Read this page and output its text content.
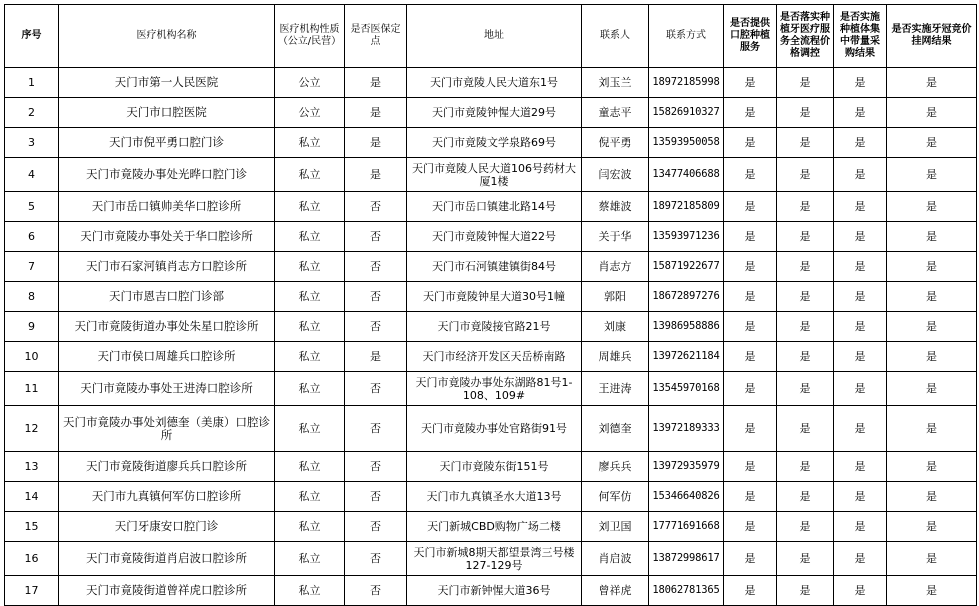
序号	医疗机构名称	医疗机构性质（公立/民营）	是否医保定点	地址	联系人	联系方式	是否提供口腔种植服务	是否落实种植牙医疗服务全流程价格调控	是否实施种植体集中带量采购结果	是否实施牙冠竞价挂网结果
1	天门市第一人民医院	公立	是	天门市竟陵人民大道东1号	刘玉兰	18972185998	是	是	是	是
2	天门市口腔医院	公立	是	天门市竟陵钟惺大道29号	童志平	15826910327	是	是	是	是
3	天门市倪平勇口腔门诊	私立	是	天门市竟陵文学泉路69号	倪平勇	13593950058	是	是	是	是
4	天门市竟陵办事处光晔口腔门诊	私立	是	天门市竟陵人民大道106号药材大厦1楼	闫宏波	13477406688	是	是	是	是
5	天门市岳口镇帅美华口腔诊所	私立	否	天门市岳口镇建北路14号	蔡雄波	18972185809	是	是	是	是
6	天门市竟陵办事处关于华口腔诊所	私立	否	天门市竟陵钟惺大道22号	关于华	13593971236	是	是	是	是
7	天门市石家河镇肖志方口腔诊所	私立	否	天门市石河镇建镇街84号	肖志方	15871922677	是	是	是	是
8	天门市恩吉口腔门诊部	私立	否	天门市竟陵钟星大道30号1幢	郭阳	18672897276	是	是	是	是
9	天门市竟陵街道办事处朱星口腔诊所	私立	否	天门市竟陵接官路21号	刘康	13986958886	是	是	是	是
10	天门市侯口周雄兵口腔诊所	私立	是	天门市经济开发区天岳桥南路	周雄兵	13972621184	是	是	是	是
11	天门市竟陵办事处王进涛口腔诊所	私立	否	天门市竟陵办事处东湖路81号1-108、109#	王进涛	13545970168	是	是	是	是
12	天门市竟陵办事处刘德奎（美康）口腔诊所	私立	否	天门市竟陵办事处官路街91号	刘德奎	13972189333	是	是	是	是
13	天门市竟陵街道廖兵兵口腔诊所	私立	否	天门市竟陵东街151号	廖兵兵	13972935979	是	是	是	是
14	天门市九真镇何军仿口腔诊所	私立	否	天门市九真镇圣水大道13号	何军仿	15346640826	是	是	是	是
15	天门牙康安口腔门诊	私立	否	天门新城CBD购物广场二楼	刘卫国	17771691668	是	是	是	是
16	天门市竟陵街道肖启波口腔诊所	私立	否	天门市新城8期天都望景湾三号楼127-129号	肖启波	13872998617	是	是	是	是
17	天门市竟陵街道曾祥虎口腔诊所	私立	否	天门市新钟惺大道36号	曾祥虎	18062781365	是	是	是	是
